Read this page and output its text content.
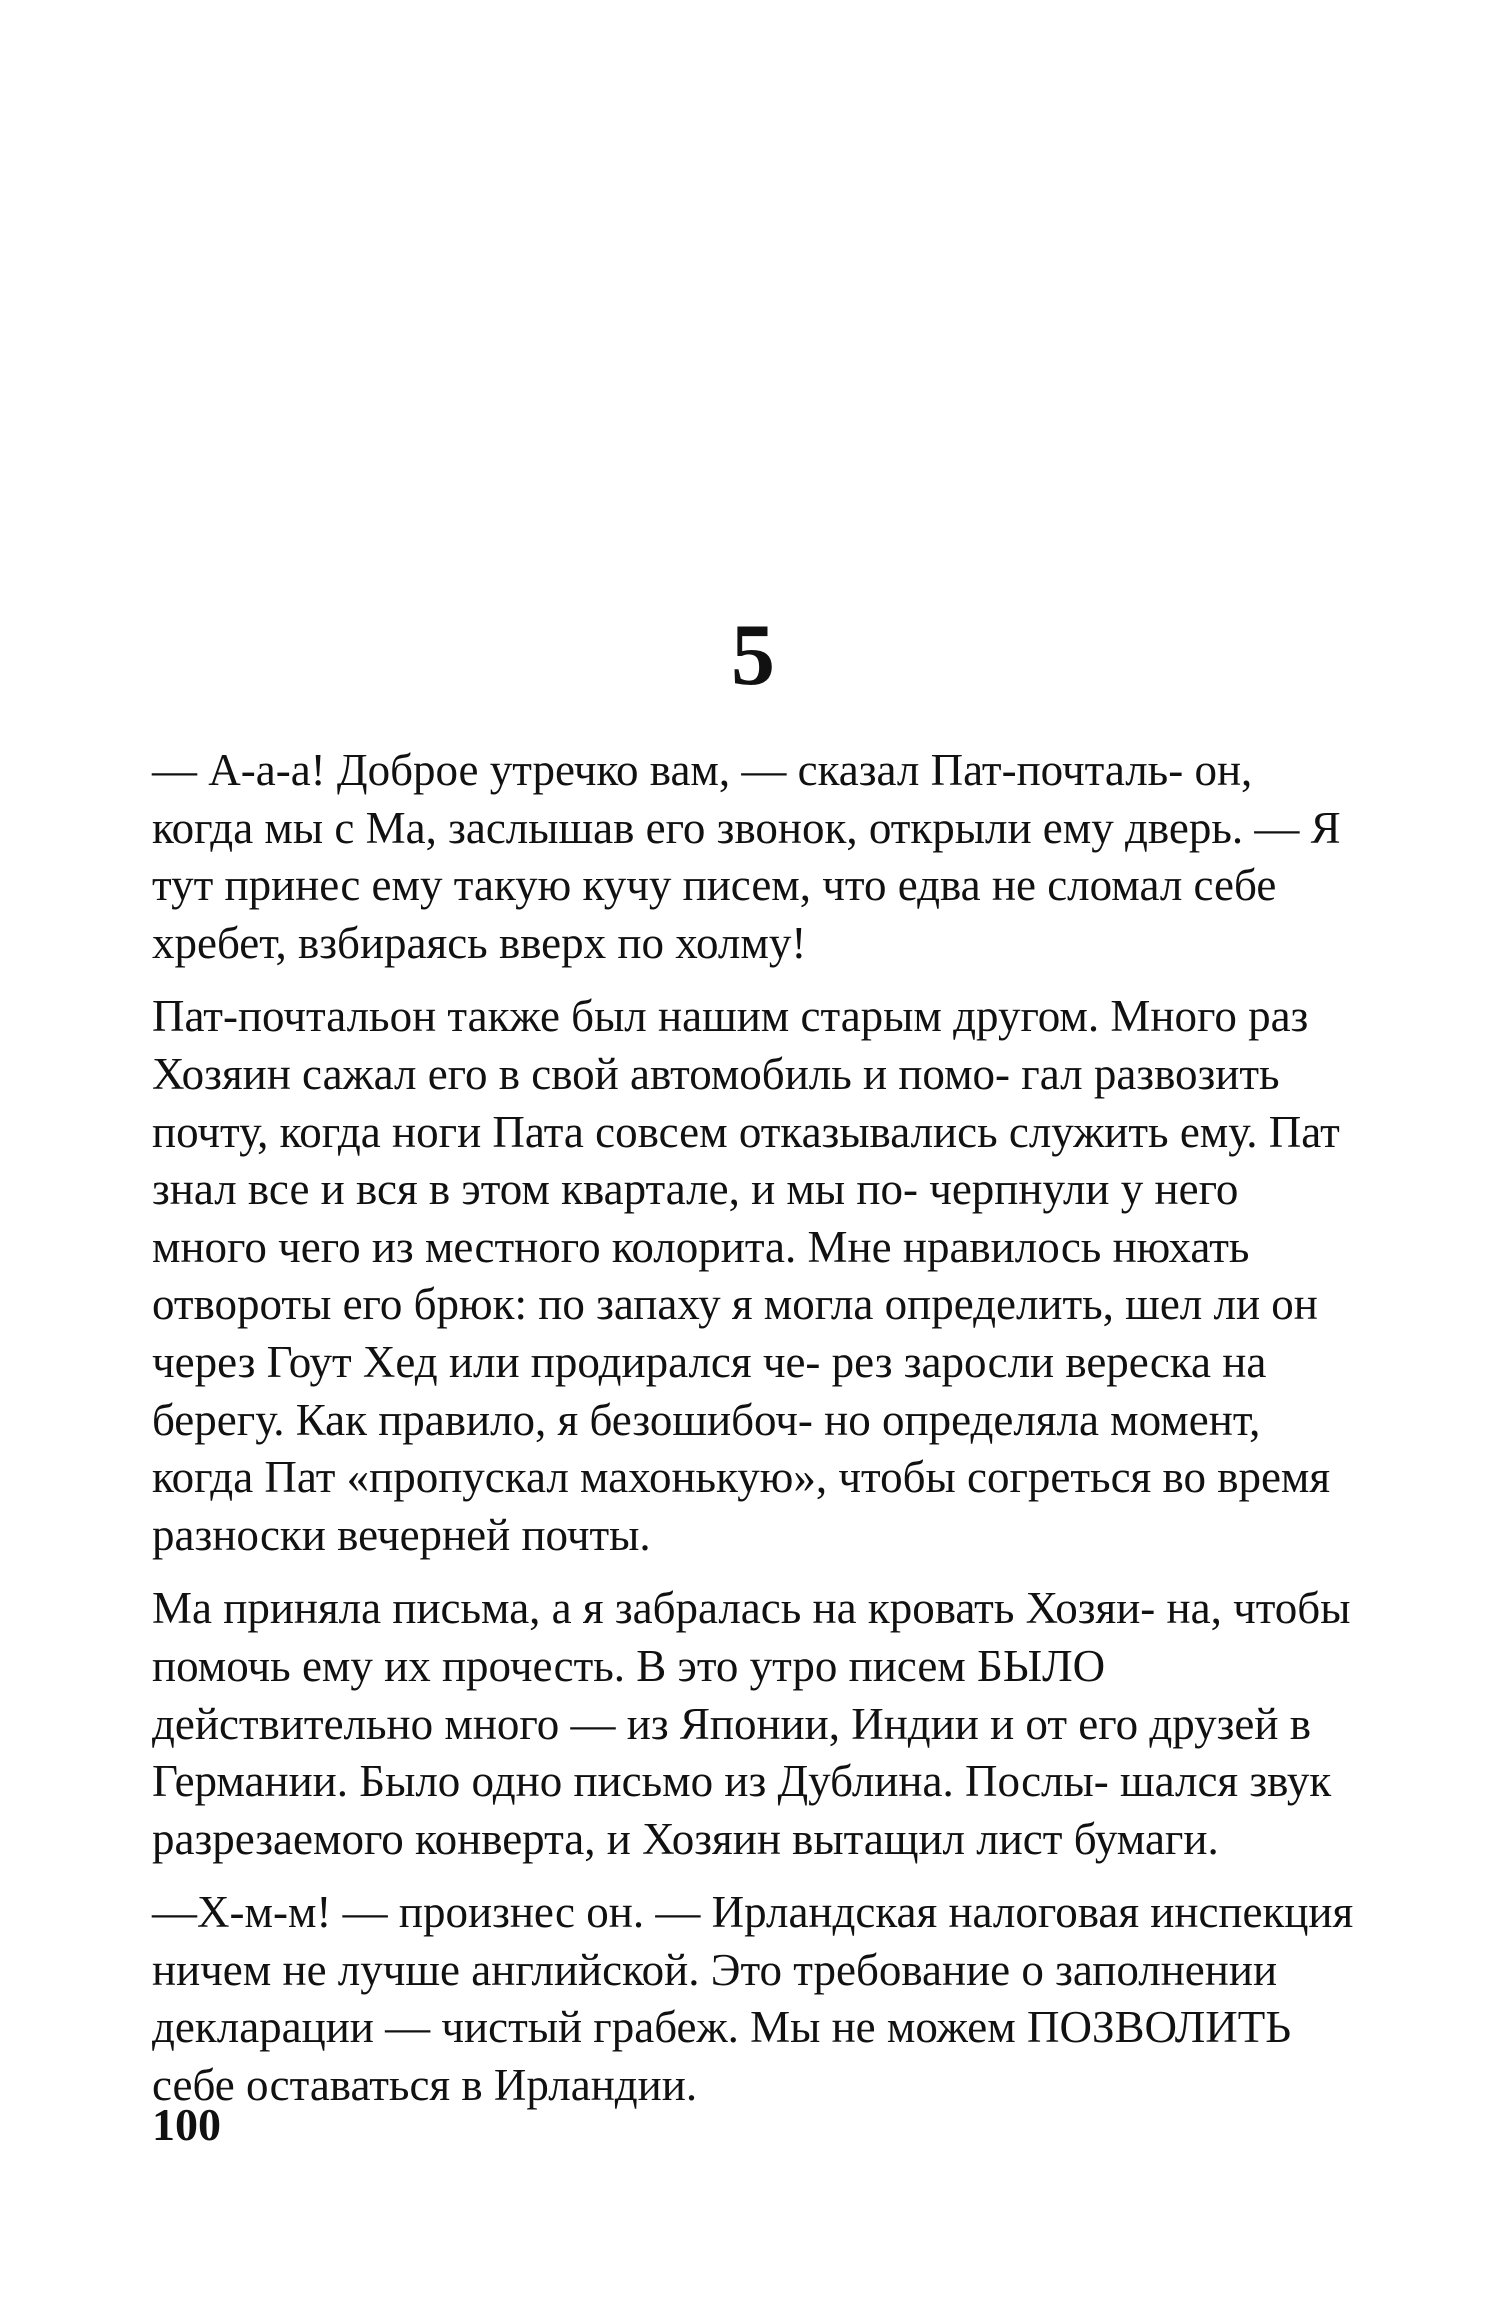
5
— А-а-а! Доброе утречко вам, — сказал Пат-почталь- он, когда мы с Ма, заслышав его звонок, открыли ему дверь. — Я тут принес ему такую кучу писем, что едва не сломал себе хребет, взбираясь вверх по холму!
Пат-почтальон также был нашим старым другом. Много раз Хозяин сажал его в свой автомобиль и помо- гал развозить почту, когда ноги Пата совсем отказывались служить ему. Пат знал все и вся в этом квартале, и мы по- черпнули у него много чего из местного колорита. Мне нравилось нюхать отвороты его брюк: по запаху я могла определить, шел ли он через Гоут Хед или продирался че- рез заросли вереска на берегу. Как правило, я безошибоч- но определяла момент, когда Пат «пропускал махонькую», чтобы согреться во время разноски вечерней почты.
Ма приняла письма, а я забралась на кровать Хозяи- на, чтобы помочь ему их прочесть. В это утро писем БЫЛО действительно много — из Японии, Индии и от его друзей в Германии. Было одно письмо из Дублина. Послы- шался звук разрезаемого конверта, и Хозяин вытащил лист бумаги.
—Х-м-м! — произнес он. — Ирландская налоговая инспекция ничем не лучше английской. Это требование о заполнении декларации — чистый грабеж. Мы не можем ПОЗВОЛИТЬ себе оставаться в Ирландии.
100
